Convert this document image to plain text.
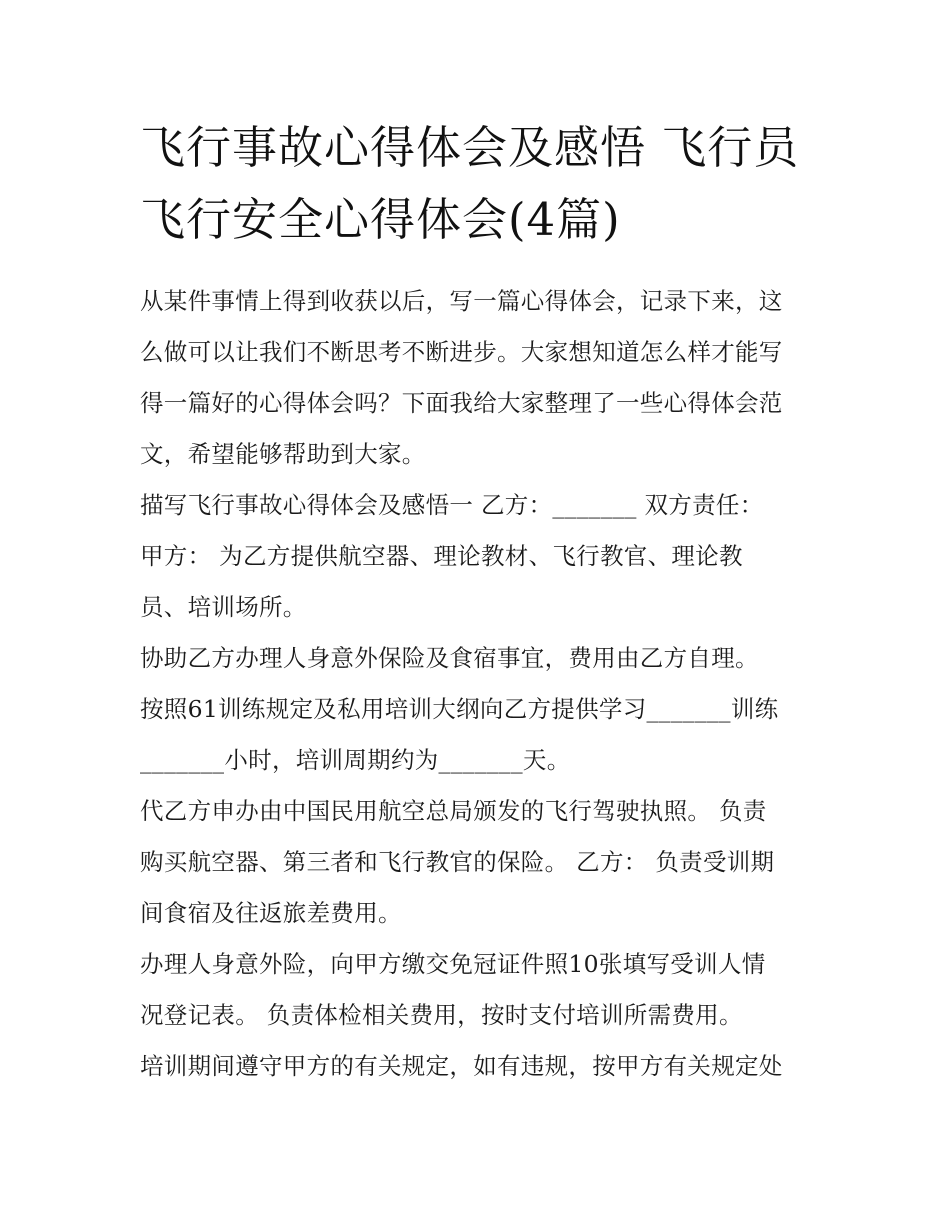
飞行事故心得体会及感悟 飞行员飞行安全心得体会(4篇)
从某件事情上得到收获以后，写一篇心得体会，记录下来，这
么做可以让我们不断思考不断进步。大家想知道怎么样才能写
得一篇好的心得体会吗？下面我给大家整理了一些心得体会范
文，希望能够帮助到大家。
描写飞行事故心得体会及感悟一 乙方：_______ 双方责任：
甲方： 为乙方提供航空器、理论教材、飞行教官、理论教
员、培训场所。
协助乙方办理人身意外保险及食宿事宜，费用由乙方自理。
按照61训练规定及私用培训大纲向乙方提供学习_______训练
_______小时，培训周期约为_______天。
代乙方申办由中国民用航空总局颁发的飞行驾驶执照。 负责
购买航空器、第三者和飞行教官的保险。 乙方： 负责受训期
间食宿及往返旅差费用。
办理人身意外险，向甲方缴交免冠证件照10张填写受训人情
况登记表。 负责体检相关费用，按时支付培训所需费用。
培训期间遵守甲方的有关规定，如有违规，按甲方有关规定处
